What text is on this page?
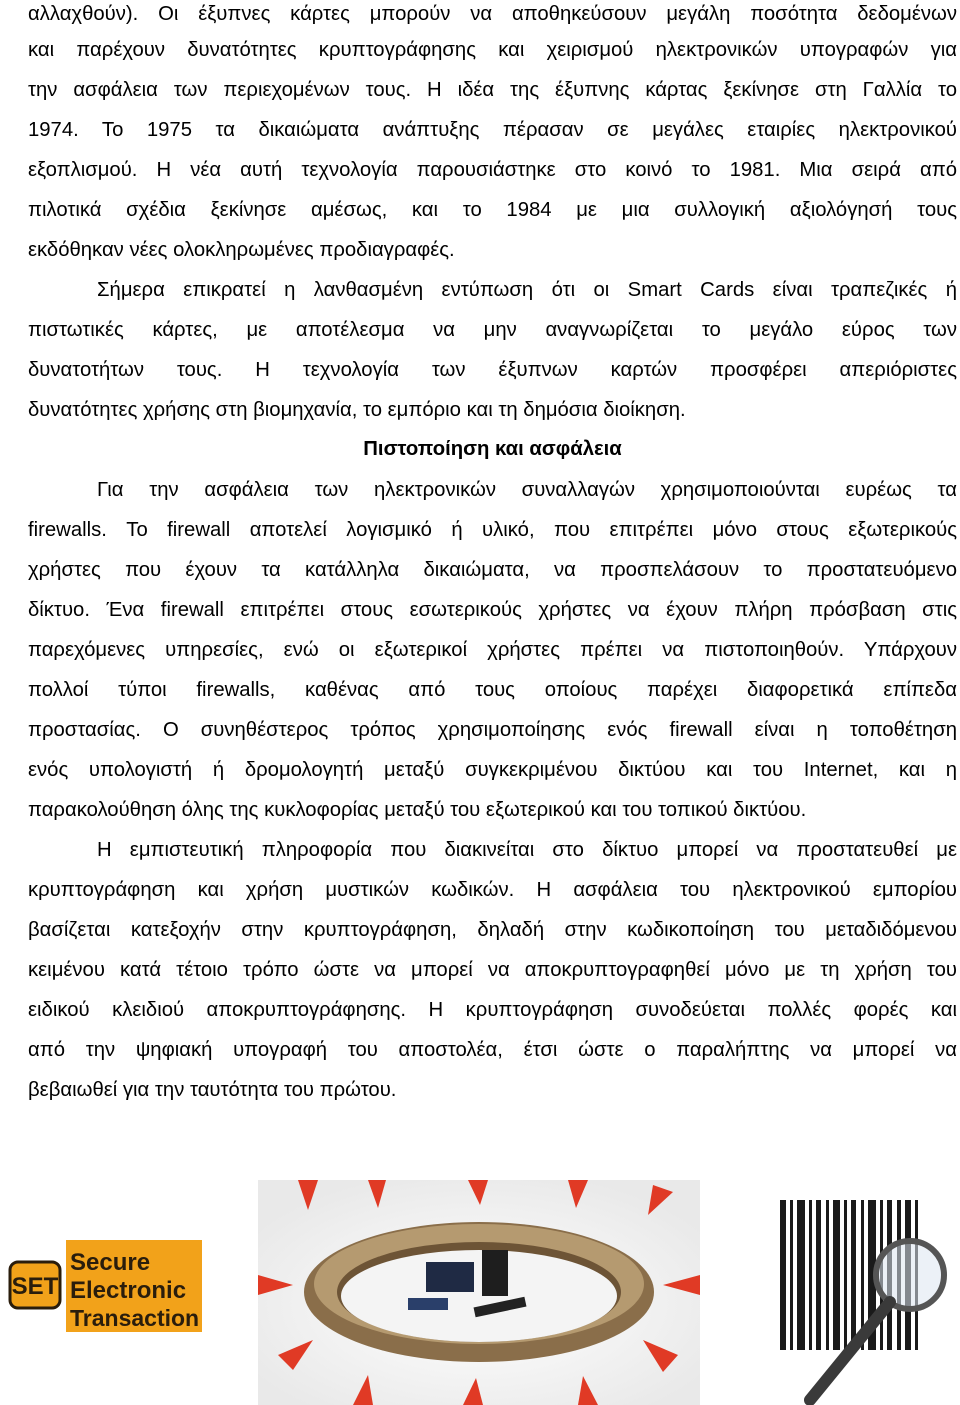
αλλαχθούν). Οι έξυπνες κάρτες μπορούν να αποθηκεύσουν μεγάλη ποσότητα δεδομένων
και παρέχουν δυνατότητες κρυπτογράφησης και χειρισμού ηλεκτρονικών υπογραφών για
την ασφάλεια των περιεχομένων τους. Η ιδέα της έξυπνης κάρτας ξεκίνησε στη Γαλλία το
1974. Το 1975 τα δικαιώματα ανάπτυξης πέρασαν σε μεγάλες εταιρίες ηλεκτρονικού
εξοπλισμού. Η νέα αυτή τεχνολογία παρουσιάστηκε στο κοινό το 1981. Μια σειρά από
πιλοτικά σχέδια ξεκίνησε αμέσως, και το 1984 με μια συλλογική αξιολόγησή τους
εκδόθηκαν νέες ολοκληρωμένες προδιαγραφές.
Σήμερα επικρατεί η λανθασμένη εντύπωση ότι οι Smart Cards είναι τραπεζικές ή
πιστωτικές κάρτες, με αποτέλεσμα να μην αναγνωρίζεται το μεγάλο εύρος των
δυνατοτήτων τους. Η τεχνολογία των έξυπνων καρτών προσφέρει απεριόριστες
δυνατότητες χρήσης στη βιομηχανία, το εμπόριο και τη δημόσια διοίκηση.
Πιστοποίηση και ασφάλεια
Για την ασφάλεια των ηλεκτρονικών συναλλαγών χρησιμοποιούνται ευρέως τα
firewalls. Το firewall αποτελεί λογισμικό ή υλικό, που επιτρέπει μόνο στους εξωτερικούς
χρήστες που έχουν τα κατάλληλα δικαιώματα, να προσπελάσουν το προστατευόμενο
δίκτυο. Ένα firewall επιτρέπει στους εσωτερικούς χρήστες να έχουν πλήρη πρόσβαση στις
παρεχόμενες υπηρεσίες, ενώ οι εξωτερικοί χρήστες πρέπει να πιστοποιηθούν. Υπάρχουν
πολλοί τύποι firewalls, καθένας από τους οποίους παρέχει διαφορετικά επίπεδα
προστασίας. Ο συνηθέστερος τρόπος χρησιμοποίησης ενός firewall είναι η τοποθέτηση
ενός υπολογιστή ή δρομολογητή μεταξύ συγκεκριμένου δικτύου και του Internet, και η
παρακολούθηση όλης της κυκλοφορίας μεταξύ του εξωτερικού και του τοπικού δικτύου.
Η εμπιστευτική πληροφορία που διακινείται στο δίκτυο μπορεί να προστατευθεί με
κρυπτογράφηση και χρήση μυστικών κωδικών. Η ασφάλεια του ηλεκτρονικού εμπορίου
βασίζεται κατεξοχήν στην κρυπτογράφηση, δηλαδή στην κωδικοποίηση του μεταδιδόμενου
κειμένου κατά τέτοιο τρόπο ώστε να μπορεί να αποκρυπτογραφηθεί μόνο με τη χρήση του
ειδικού κλειδιού αποκρυπτογράφησης. Η κρυπτογράφηση συνοδεύεται πολλές φορές και
από την ψηφιακή υπογραφή του αποστολέα, έτσι ώστε ο παραλήπτης να μπορεί να
βεβαιωθεί για την ταυτότητα του πρώτου.
SET
Secure
Electronic
Transaction
